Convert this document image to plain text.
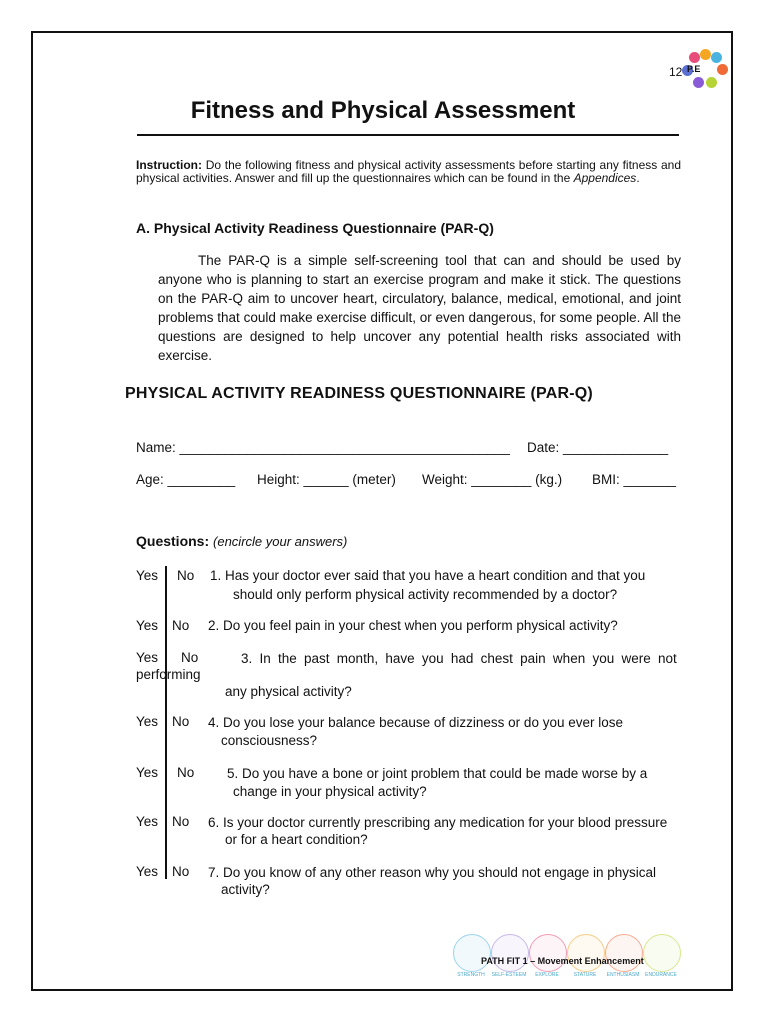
12 P.E
Fitness and Physical Assessment
Instruction: Do the following fitness and physical activity assessments before starting any fitness and physical activities. Answer and fill up the questionnaires which can be found in the Appendices.
A. Physical Activity Readiness Questionnaire (PAR-Q)

The PAR-Q is a simple self-screening tool that can and should be used by anyone who is planning to start an exercise program and make it stick. The questions on the PAR-Q aim to uncover heart, circulatory, balance, medical, emotional, and joint problems that could make exercise difficult, or even dangerous, for some people. All the questions are designed to help uncover any potential health risks associated with exercise.

PHYSICAL ACTIVITY READINESS QUESTIONNAIRE (PAR-Q)
Name: ____________________________________________ Date: ______________
Age: _________ Height: ______ (meter) Weight: ________ (kg.) BMI: _______
Questions: (encircle your answers)
Yes No 1. Has your doctor ever said that you have a heart condition and that you
should only perform physical activity recommended by a doctor?
Yes No 2. Do you feel pain in your chest when you perform physical activity?
Yes No	3. In the past month, have you had chest pain when you were not
performing
any physical activity?
Yes No 4. Do you lose your balance because of dizziness or do you ever lose
consciousness?
Yes No 5. Do you have a bone or joint problem that could be made worse by a
change in your physical activity?
Yes No 6. Is your doctor currently prescribing any medication for your blood pressure
or for a heart condition?
Yes No 7. Do you know of any other reason why you should not engage in physical
activity?
STRENGTH	SELF-ESTEEM	EXPLORE	STATURE	ENTHUSIASM	ENDURANCE
PATH FIT 1 – Movement Enhancement
